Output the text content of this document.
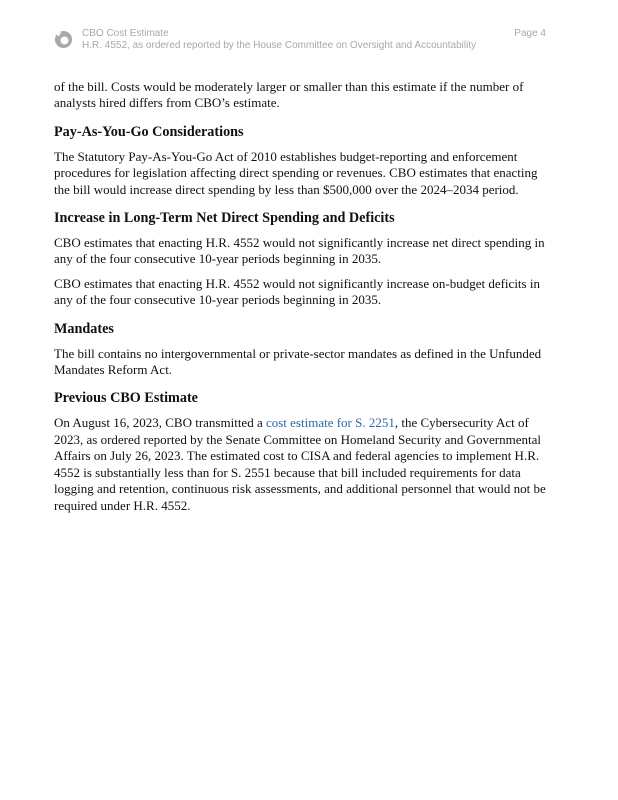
CBO Cost Estimate
H.R. 4552, as ordered reported by the House Committee on Oversight and Accountability
Page 4

of the bill. Costs would be moderately larger or smaller than this estimate if the number of analysts hired differs from CBO’s estimate.

Pay-As-You-Go Considerations

The Statutory Pay-As-You-Go Act of 2010 establishes budget-reporting and enforcement procedures for legislation affecting direct spending or revenues. CBO estimates that enacting the bill would increase direct spending by less than $500,000 over the 2024–2034 period.

Increase in Long-Term Net Direct Spending and Deficits

CBO estimates that enacting H.R. 4552 would not significantly increase net direct spending in any of the four consecutive 10-year periods beginning in 2035.

CBO estimates that enacting H.R. 4552 would not significantly increase on-budget deficits in any of the four consecutive 10-year periods beginning in 2035.

Mandates

The bill contains no intergovernmental or private-sector mandates as defined in the Unfunded Mandates Reform Act.

Previous CBO Estimate

On August 16, 2023, CBO transmitted a cost estimate for S. 2251, the Cybersecurity Act of 2023, as ordered reported by the Senate Committee on Homeland Security and Governmental Affairs on July 26, 2023. The estimated cost to CISA and federal agencies to implement H.R. 4552 is substantially less than for S. 2551 because that bill included requirements for data logging and retention, continuous risk assessments, and additional personnel that would not be required under H.R. 4552.
